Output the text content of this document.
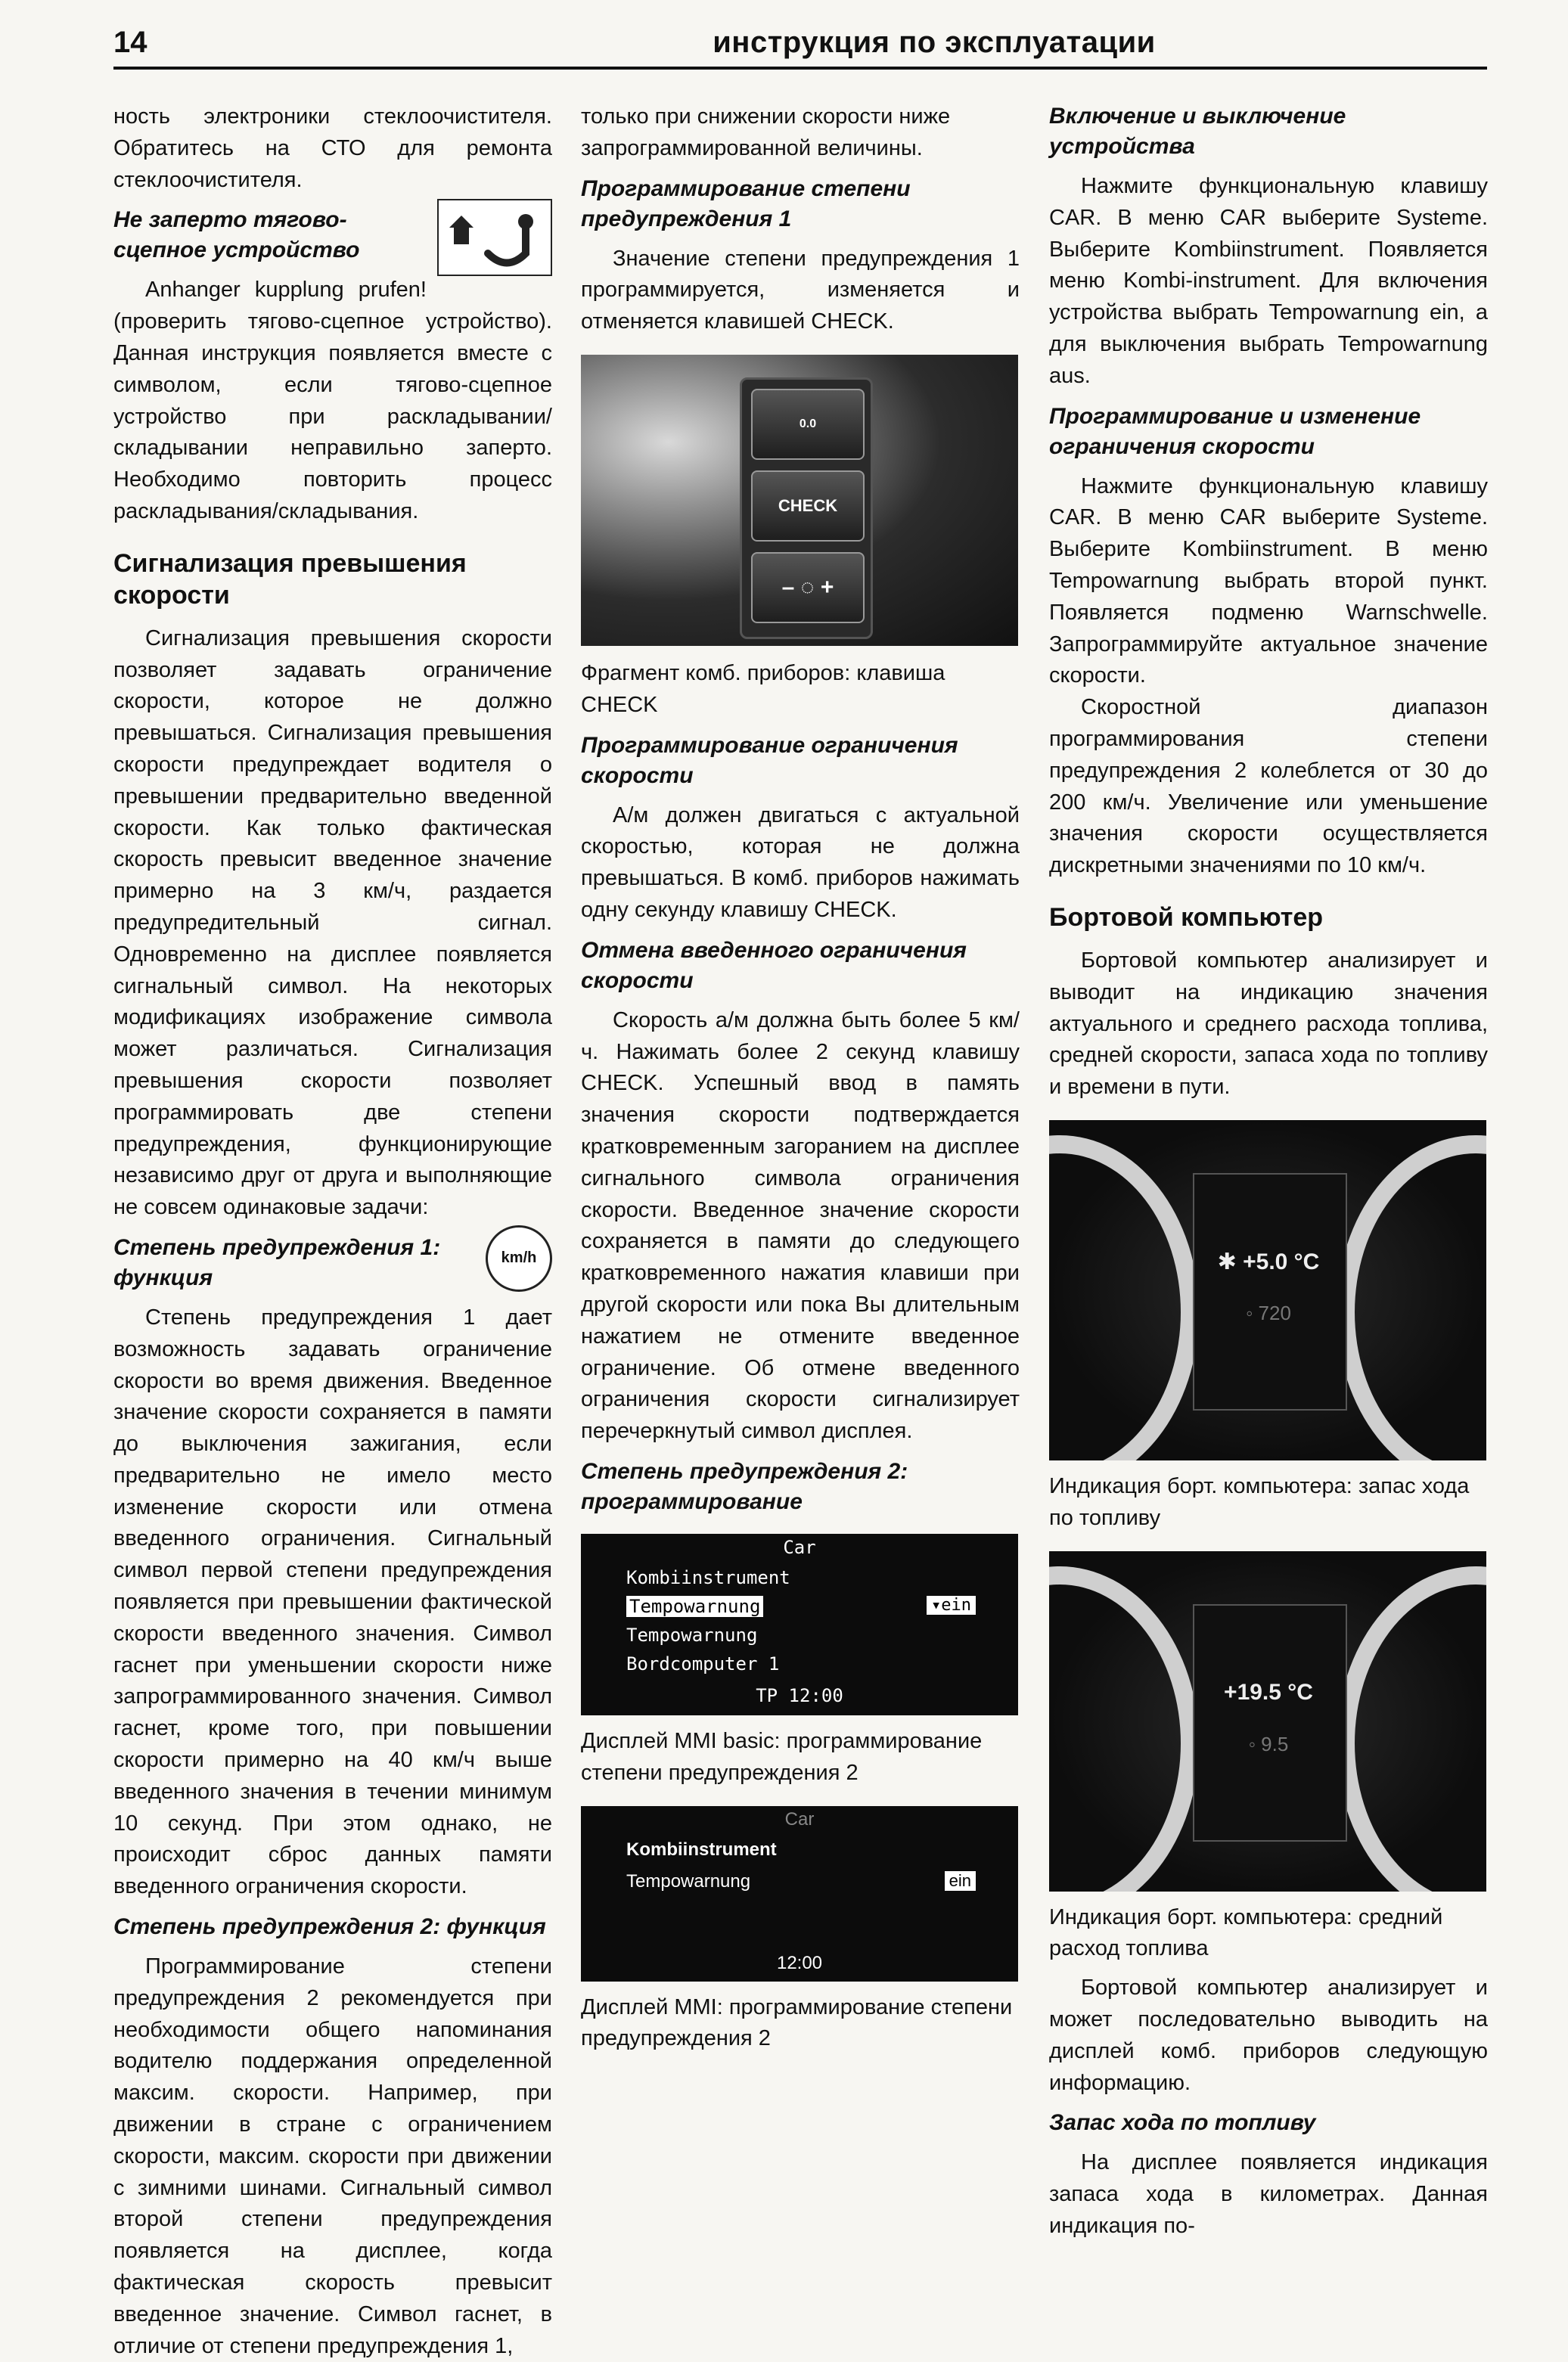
14	инструкция по эксплуатации

ность электроники стеклоочистителя. Обратитесь на СТО для ремонта стеклоочистителя.

Не заперто тягово-сцепное устройство

Anhanger kupplung prufen! (проверить тягово-сцепное устройство). Данная инструкция появляется вместе с символом, если тягово-сцепное устройство при раскладывании/складывании неправильно заперто. Необходимо повторить процесс раскладывания/складывания.

Сигнализация превышения скорости

Сигнализация превышения скорости позволяет задавать ограничение скорости, которое не должно превышаться. Сигнализация превышения скорости предупреждает водителя о превышении предварительно введенной скорости. Как только фактическая скорость превысит введенное значение примерно на 3 км/ч, раздается предупредительный сигнал. Одновременно на дисплее появляется сигнальный символ. На некоторых модификациях изображение символа может различаться. Сигнализация превышения скорости позволяет программировать две степени предупреждения, функционирующие независимо друг от друга и выполняющие не совсем одинаковые задачи:

km/h
Степень предупреждения 1: функция

Степень предупреждения 1 дает возможность задавать ограничение скорости во время движения. Введенное значение скорости сохраняется в памяти до выключения зажигания, если предварительно не имело место изменение скорости или отмена введенного ограничения. Сигнальный символ первой степени предупреждения появляется при превышении фактической скорости введенного значения. Символ гаснет при уменьшении скорости ниже запрограммированного значения. Символ гаснет, кроме того, при повышении скорости примерно на 40 км/ч выше введенного значения в течении минимум 10 секунд. При этом однако, не происходит сброс данных памяти введенного ограничения скорости.

Степень предупреждения 2: функция

Программирование степени предупреждения 2 рекомендуется при необходимости общего напоминания водителю поддержания определенной максим. скорости. Например, при движении в стране с ограничением скорости, максим. скорости при движении с зимними шинами. Сигнальный символ второй степени предупреждения появляется на дисплее, когда фактическая скорость превысит введенное значение. Символ гаснет, в отличие от степени предупреждения 1,

только при снижении скорости ниже запрограммированной величины.

Программирование степени предупреждения 1

Значение степени предупреждения 1 программируется, изменяется и отменяется клавишей CHECK.

0.0
CHECK
– ◌ +

Фрагмент комб. приборов: клавиша CHECK

Программирование ограничения скорости

А/м должен двигаться с актуальной скоростью, которая не должна превышаться. В комб. приборов нажимать одну секунду клавишу CHECK.

Отмена введенного ограничения скорости

Скорость а/м должна быть более 5 км/ч. Нажимать более 2 секунд клавишу CHECK. Успешный ввод в память значения скорости подтверждается кратковременным загоранием на дисплее сигнального символа ограничения скорости. Введенное значение скорости сохраняется в памяти до следующего кратковременного нажатия клавиши при другой скорости или пока Вы длительным нажатием не отмените введенное ограничение. Об отмене введенного ограничения скорости сигнализирует перечеркнутый символ дисплея.

Степень предупреждения 2: программирование
Car
Kombiinstrument
Tempowarnung	▾ein
Tempowarnung
Bordcomputer 1
TP 12:00

Дисплей MMI basic: программирование степени предупреждения 2

Car
Kombiinstrument
Tempowarnung	ein
12:00

Дисплей MMI: программирование степени предупреждения 2

Включение и выключение устройства

Нажмите функциональную клавишу CAR. В меню CAR выберите Systeme. Выберите Kombiinstrument. Появляется меню Kombi-instrument. Для включения устройства выбрать Tempowarnung ein, а для выключения выбрать Tempowarnung aus.

Программирование и изменение ограничения скорости

Нажмите функциональную клавишу CAR. В меню CAR выберите Systeme. Выберите Kombiinstrument. В меню Tempowarnung выбрать второй пункт. Появляется подменю Warnschwelle. Запрограммируйте актуальное значение скорости.

Скоростной диапазон программирования степени предупреждения 2 колеблется от 30 до 200 км/ч. Увеличение или уменьшение значения скорости осуществляется дискретными значениями по 10 км/ч.

Бортовой компьютер

Бортовой компьютер анализирует и выводит на индикацию значения актуального и среднего расхода топлива, средней скорости, запаса хода по топливу и времени в пути.

✱ +5.0 °C
◦ 720

Индикация борт. компьютера: запас хода по топливу

+19.5 °C
◦ 9.5

Индикация борт. компьютера: средний расход топлива

Бортовой компьютер анализирует и может последовательно выводить на дисплей комб. приборов следующую информацию.

Запас хода по топливу

На дисплее появляется индикация запаса хода в километрах. Данная индикация по-
